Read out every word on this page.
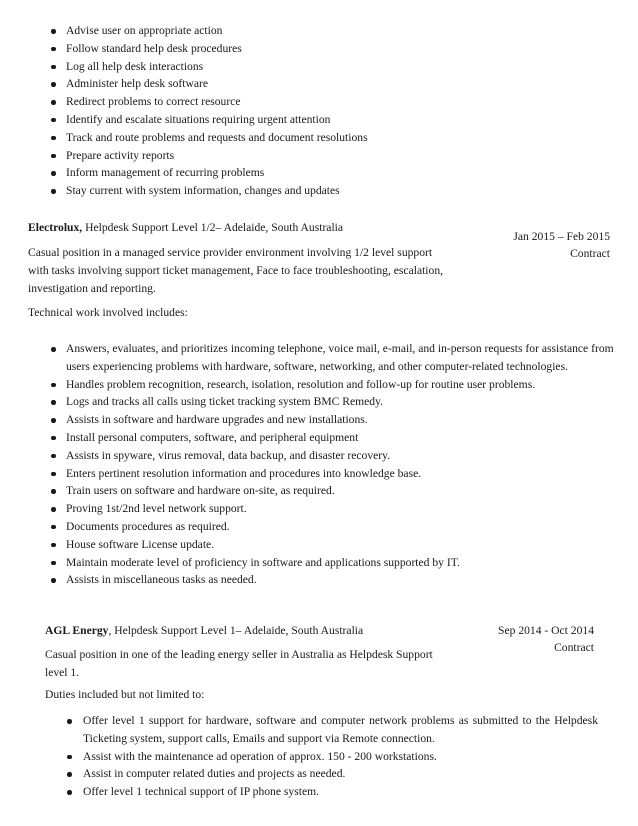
Advise user on appropriate action
Follow standard help desk procedures
Log all help desk interactions
Administer help desk software
Redirect problems to correct resource
Identify and escalate situations requiring urgent attention
Track and route problems and requests and document resolutions
Prepare activity reports
Inform management of recurring problems
Stay current with system information, changes and updates
Electrolux, Helpdesk Support Level 1/2– Adelaide, South Australia
Jan 2015 – Feb 2015
Contract
Casual position in a managed service provider environment involving 1/2 level support
with tasks involving support ticket management, Face to face troubleshooting, escalation,
investigation and reporting.
Technical work involved includes:
Answers, evaluates, and prioritizes incoming telephone, voice mail, e-mail, and in-person requests for assistance from users experiencing problems with hardware, software, networking, and other computer-related technologies.
Handles problem recognition, research, isolation, resolution and follow-up for routine user problems.
Logs and tracks all calls using ticket tracking system BMC Remedy.
Assists in software and hardware upgrades and new installations.
Install personal computers, software, and peripheral equipment
Assists in spyware, virus removal, data backup, and disaster recovery.
Enters pertinent resolution information and procedures into knowledge base.
Train users on software and hardware on-site, as required.
Proving 1st/2nd level network support.
Documents procedures as required.
House software License update.
Maintain moderate level of proficiency in software and applications supported by IT.
Assists in miscellaneous tasks as needed.
AGL Energy, Helpdesk Support Level 1– Adelaide, South Australia	Sep 2014 - Oct 2014
Contract
Casual position in one of the leading energy seller in Australia as Helpdesk Support
level 1.
Duties included but not limited to:
Offer level 1 support for hardware, software and computer network problems as submitted to the Helpdesk Ticketing system, support calls, Emails and support via Remote connection.
Assist with the maintenance ad operation of approx. 150 - 200 workstations.
Assist in computer related duties and projects as needed.
Offer level 1 technical support of IP phone system.
